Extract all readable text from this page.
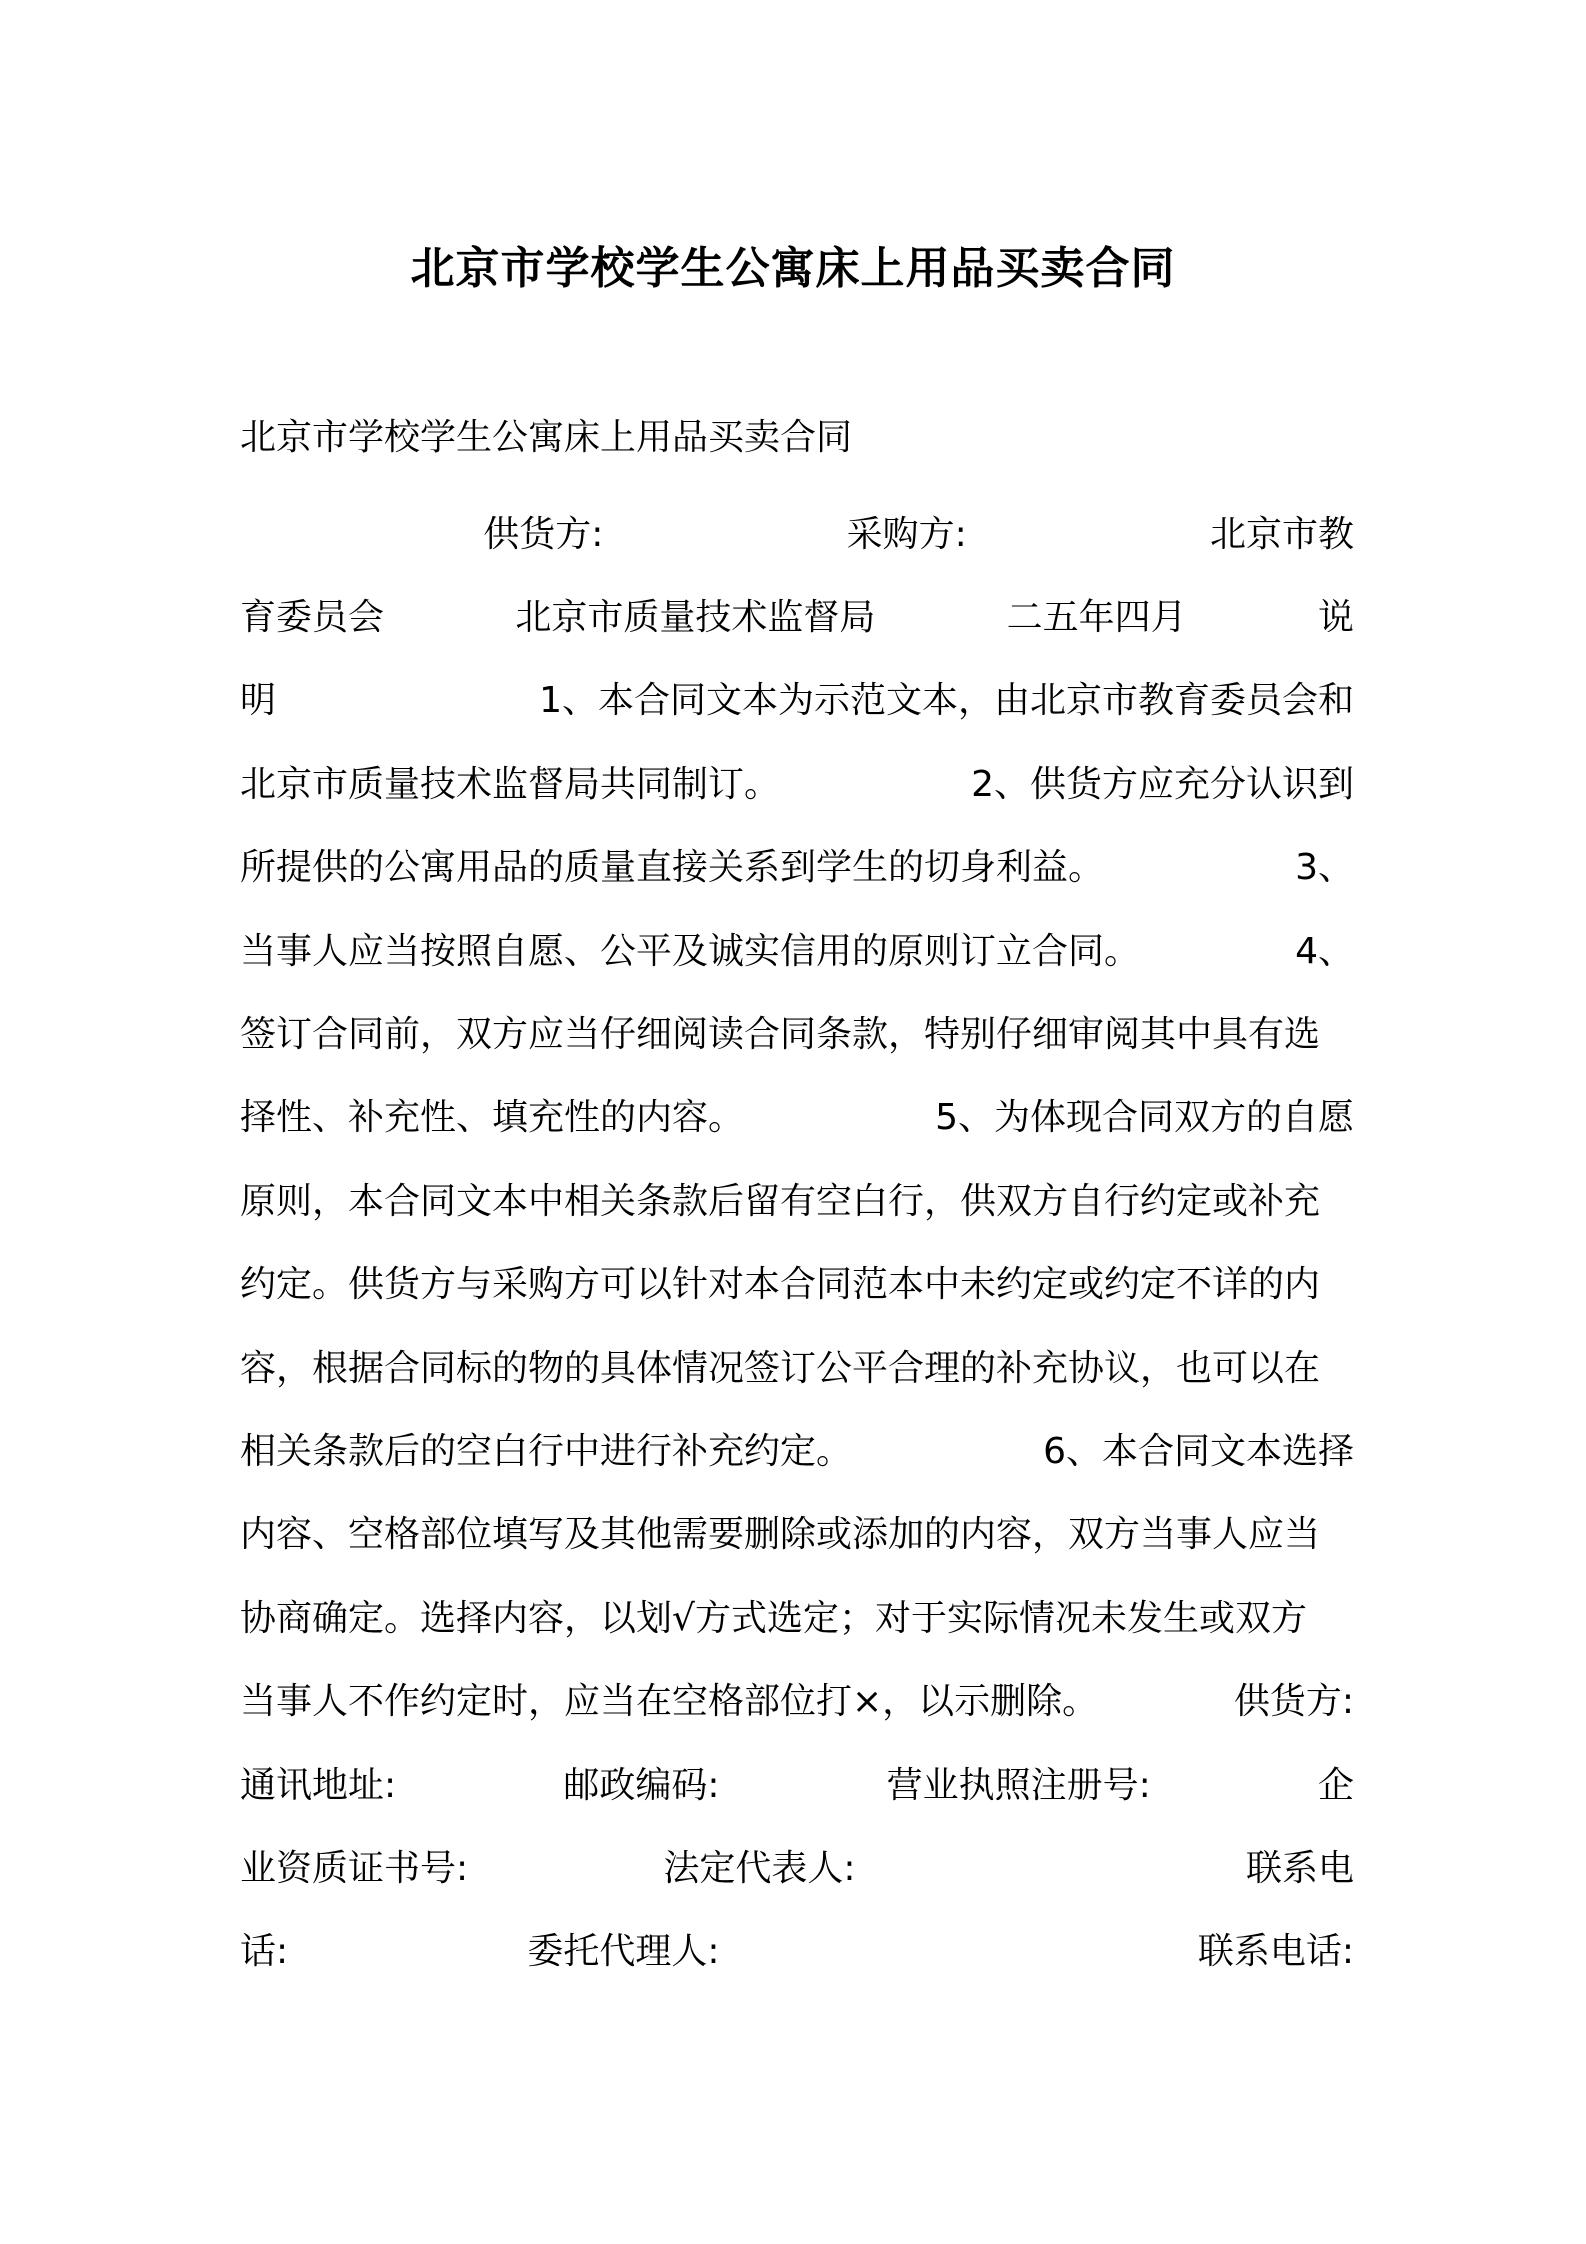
北京市学校学生公寓床上用品买卖合同
北京市学校学生公寓床上用品买卖合同
供货方:	采购方:	北京市教
育委员会	北京市质量技术监督局	二五年四月	说
明	1、本合同文本为示范文本，由北京市教育委员会和
北京市质量技术监督局共同制订。	2、供货方应充分认识到
所提供的公寓用品的质量直接关系到学生的切身利益。	3、
当事人应当按照自愿、公平及诚实信用的原则订立合同。	4、
签订合同前，双方应当仔细阅读合同条款，特别仔细审阅其中具有选
择性、补充性、填充性的内容。	5、为体现合同双方的自愿
原则，本合同文本中相关条款后留有空白行，供双方自行约定或补充
约定。供货方与采购方可以针对本合同范本中未约定或约定不详的内
容，根据合同标的物的具体情况签订公平合理的补充协议，也可以在
相关条款后的空白行中进行补充约定。	6、本合同文本选择
内容、空格部位填写及其他需要删除或添加的内容，双方当事人应当
协商确定。选择内容，以划√方式选定；对于实际情况未发生或双方
当事人不作约定时，应当在空格部位打×，以示删除。	供货方:
通讯地址:	邮政编码:	营业执照注册号:	企
业资质证书号:	法定代表人:	联系电
话:	委托代理人:	联系电话:
